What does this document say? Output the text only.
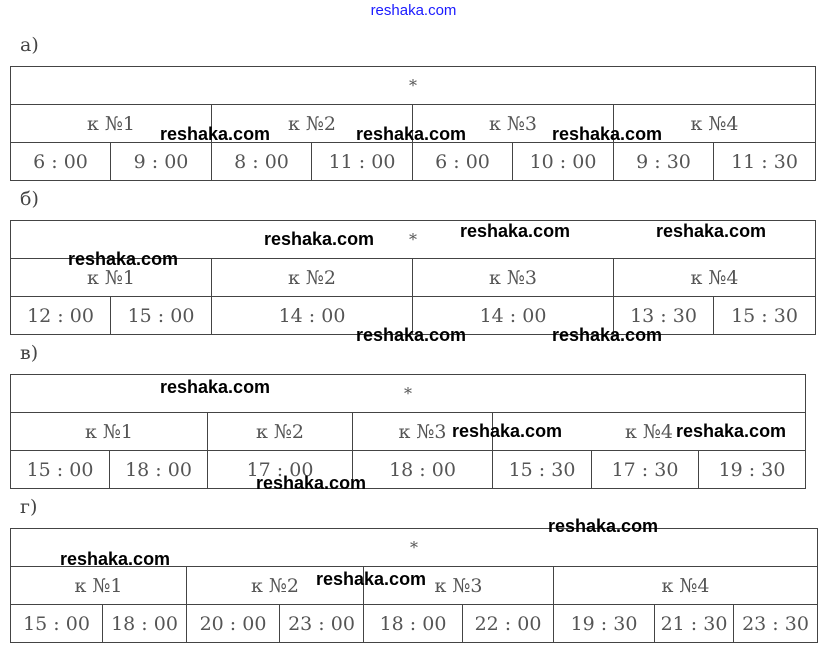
reshaka.com
а)
*							
к №1		к №2		к №3		к №4	
6 : 00	9 : 00	8 : 00	11 : 00	6 : 00	10 : 00	9 : 30	11 : 30
б)
*					
к №1		к №2	к №3	к №4	
12 : 00	15 : 00	14 : 00	14 : 00	13 : 30	15 : 30
в)
*						
к №1		к №2	к №3	к №4		
15 : 00	18 : 00	17 : 00	18 : 00	15 : 30	17 : 30	19 : 30
г)
*								
к №1		к №2		к №3		к №4		
15 : 00	18 : 00	20 : 00	23 : 00	18 : 00	22 : 00	19 : 30	21 : 30	23 : 30
reshaka.com	reshaka.com	reshaka.com
reshaka.com	reshaka.com	reshaka.com
reshaka.com
reshaka.com	reshaka.com
reshaka.com
reshaka.com	reshaka.com
reshaka.com
reshaka.com
reshaka.com
reshaka.com
